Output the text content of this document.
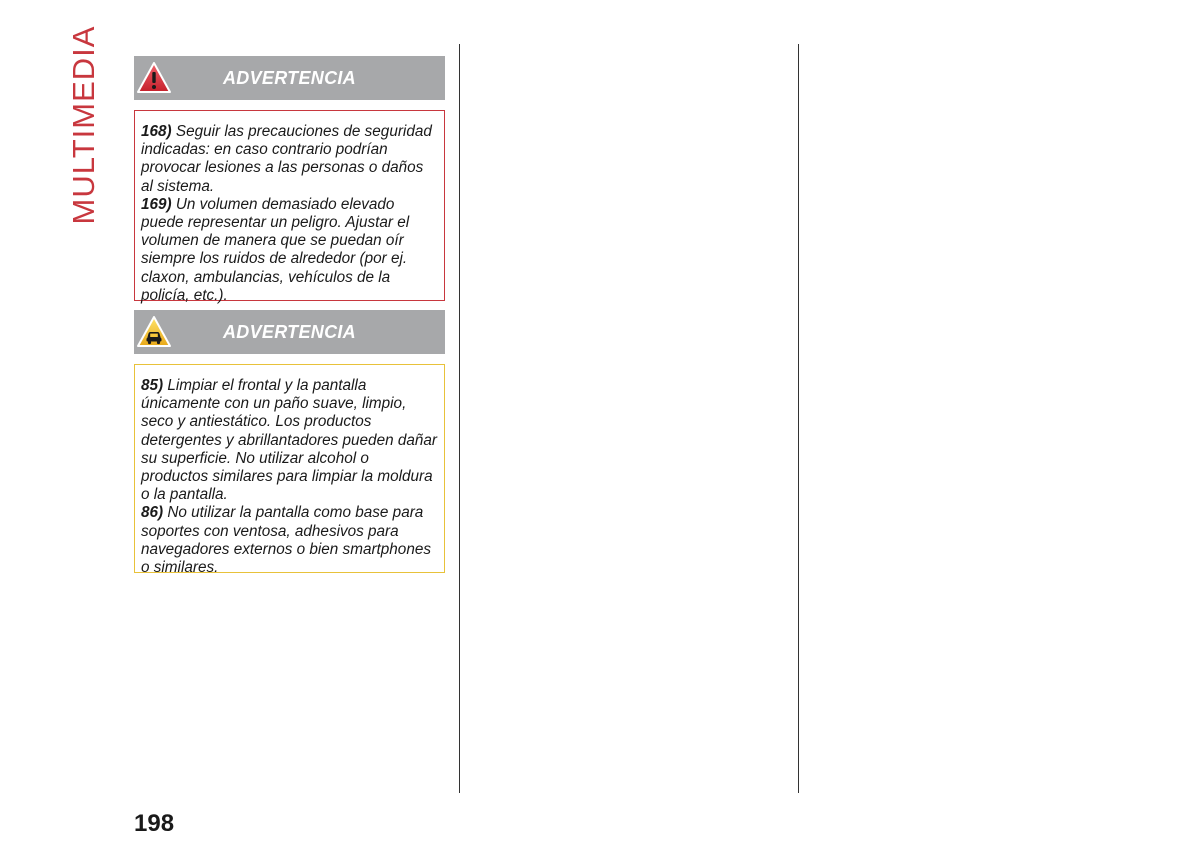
MULTIMEDIA	ADVERTENCIA

168) Seguir las precauciones de seguridad indicadas: en caso contrario podrían provocar lesiones a las personas o daños al sistema.

169) Un volumen demasiado elevado puede representar un peligro. Ajustar el volumen de manera que se puedan oír siempre los ruidos de alrededor (por ej. claxon, ambulancias, vehículos de la policía, etc.).

ADVERTENCIA

85) Limpiar el frontal y la pantalla únicamente con un paño suave, limpio, seco y antiestático. Los productos detergentes y abrillantadores pueden dañar su superficie. No utilizar alcohol o productos similares para limpiar la moldura o la pantalla.

86) No utilizar la pantalla como base para soportes con ventosa, adhesivos para navegadores externos o bien smartphones o similares.

198
